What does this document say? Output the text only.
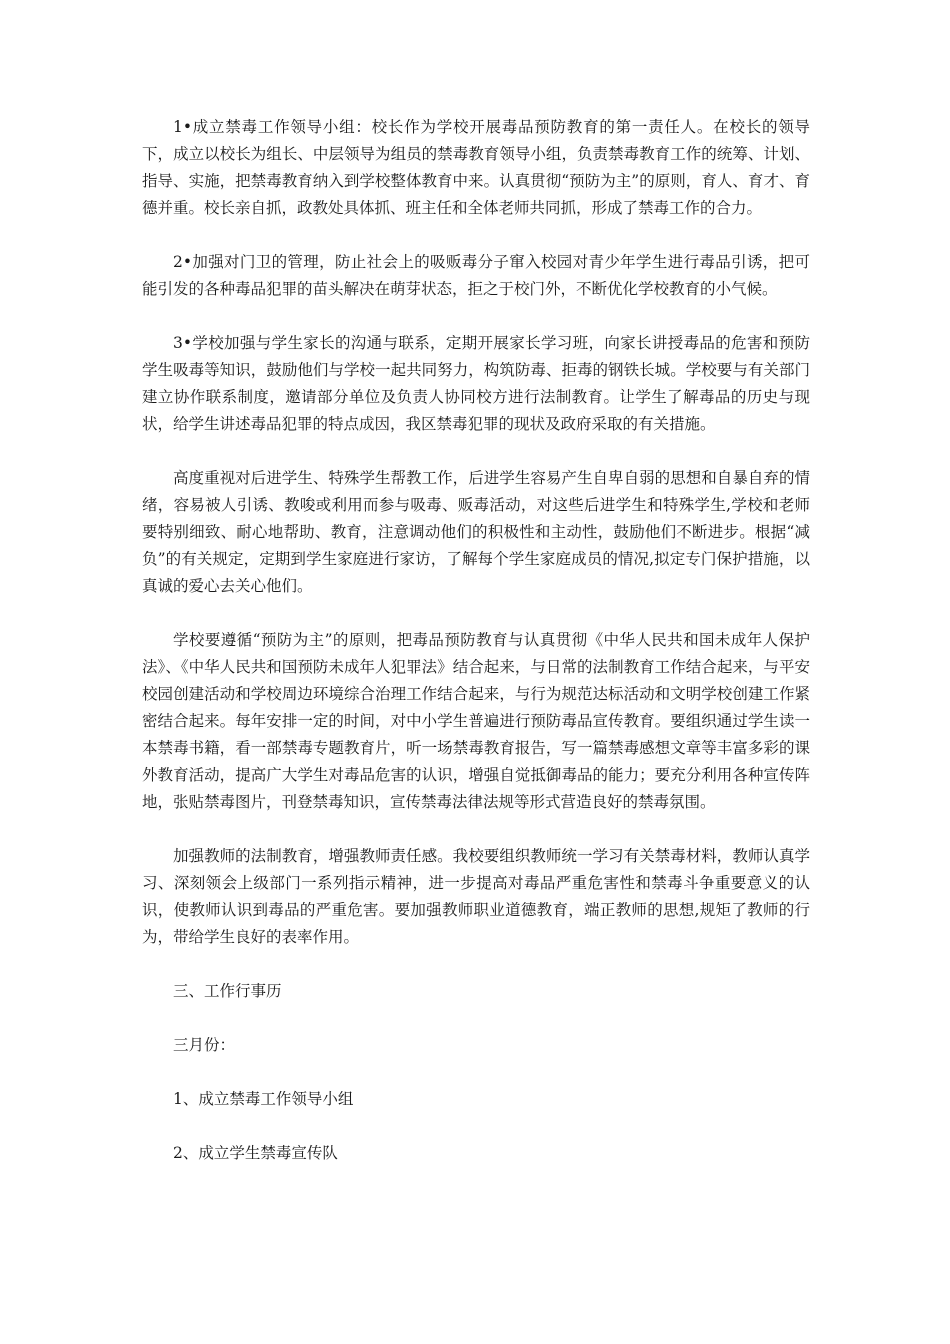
1•成立禁毒工作领导小组：校长作为学校开展毒品预防教育的第一责任人。在校长的领导下，成立以校长为组长、中层领导为组员的禁毒教育领导小组，负责禁毒教育工作的统筹、计划、指导、实施，把禁毒教育纳入到学校整体教育中来。认真贯彻“预防为主”的原则，育人、育才、育德并重。校长亲自抓，政教处具体抓、班主任和全体老师共同抓，形成了禁毒工作的合力。

2•加强对门卫的管理，防止社会上的吸贩毒分子窜入校园对青少年学生进行毒品引诱，把可能引发的各种毒品犯罪的苗头解决在萌芽状态，拒之于校门外，不断优化学校教育的小气候。

3•学校加强与学生家长的沟通与联系，定期开展家长学习班，向家长讲授毒品的危害和预防学生吸毒等知识，鼓励他们与学校一起共同努力，构筑防毒、拒毒的钢铁长城。学校要与有关部门建立协作联系制度，邀请部分单位及负责人协同校方进行法制教育。让学生了解毒品的历史与现状，给学生讲述毒品犯罪的特点成因，我区禁毒犯罪的现状及政府采取的有关措施。

高度重视对后进学生、特殊学生帮教工作，后进学生容易产生自卑自弱的思想和自暴自弃的情绪，容易被人引诱、教唆或利用而参与吸毒、贩毒活动，对这些后进学生和特殊学生,学校和老师要特别细致、耐心地帮助、教育，注意调动他们的积极性和主动性，鼓励他们不断进步。根据“减负”的有关规定，定期到学生家庭进行家访，了解每个学生家庭成员的情况,拟定专门保护措施，以真诚的爱心去关心他们。

学校要遵循“预防为主”的原则，把毒品预防教育与认真贯彻《中华人民共和国未成年人保护法》、《中华人民共和国预防未成年人犯罪法》结合起来，与日常的法制教育工作结合起来，与平安校园创建活动和学校周边环境综合治理工作结合起来，与行为规范达标活动和文明学校创建工作紧密结合起来。每年安排一定的时间，对中小学生普遍进行预防毒品宣传教育。要组织通过学生读一本禁毒书籍，看一部禁毒专题教育片，听一场禁毒教育报告，写一篇禁毒感想文章等丰富多彩的课外教育活动，提高广大学生对毒品危害的认识，增强自觉抵御毒品的能力；要充分利用各种宣传阵地，张贴禁毒图片，刊登禁毒知识，宣传禁毒法律法规等形式营造良好的禁毒氛围。

加强教师的法制教育，增强教师责任感。我校要组织教师统一学习有关禁毒材料，教师认真学习、深刻领会上级部门一系列指示精神，进一步提高对毒品严重危害性和禁毒斗争重要意义的认识，使教师认识到毒品的严重危害。要加强教师职业道德教育，端正教师的思想,规矩了教师的行为，带给学生良好的表率作用。

三、工作行事历

三月份：

1、成立禁毒工作领导小组

2、成立学生禁毒宣传队
